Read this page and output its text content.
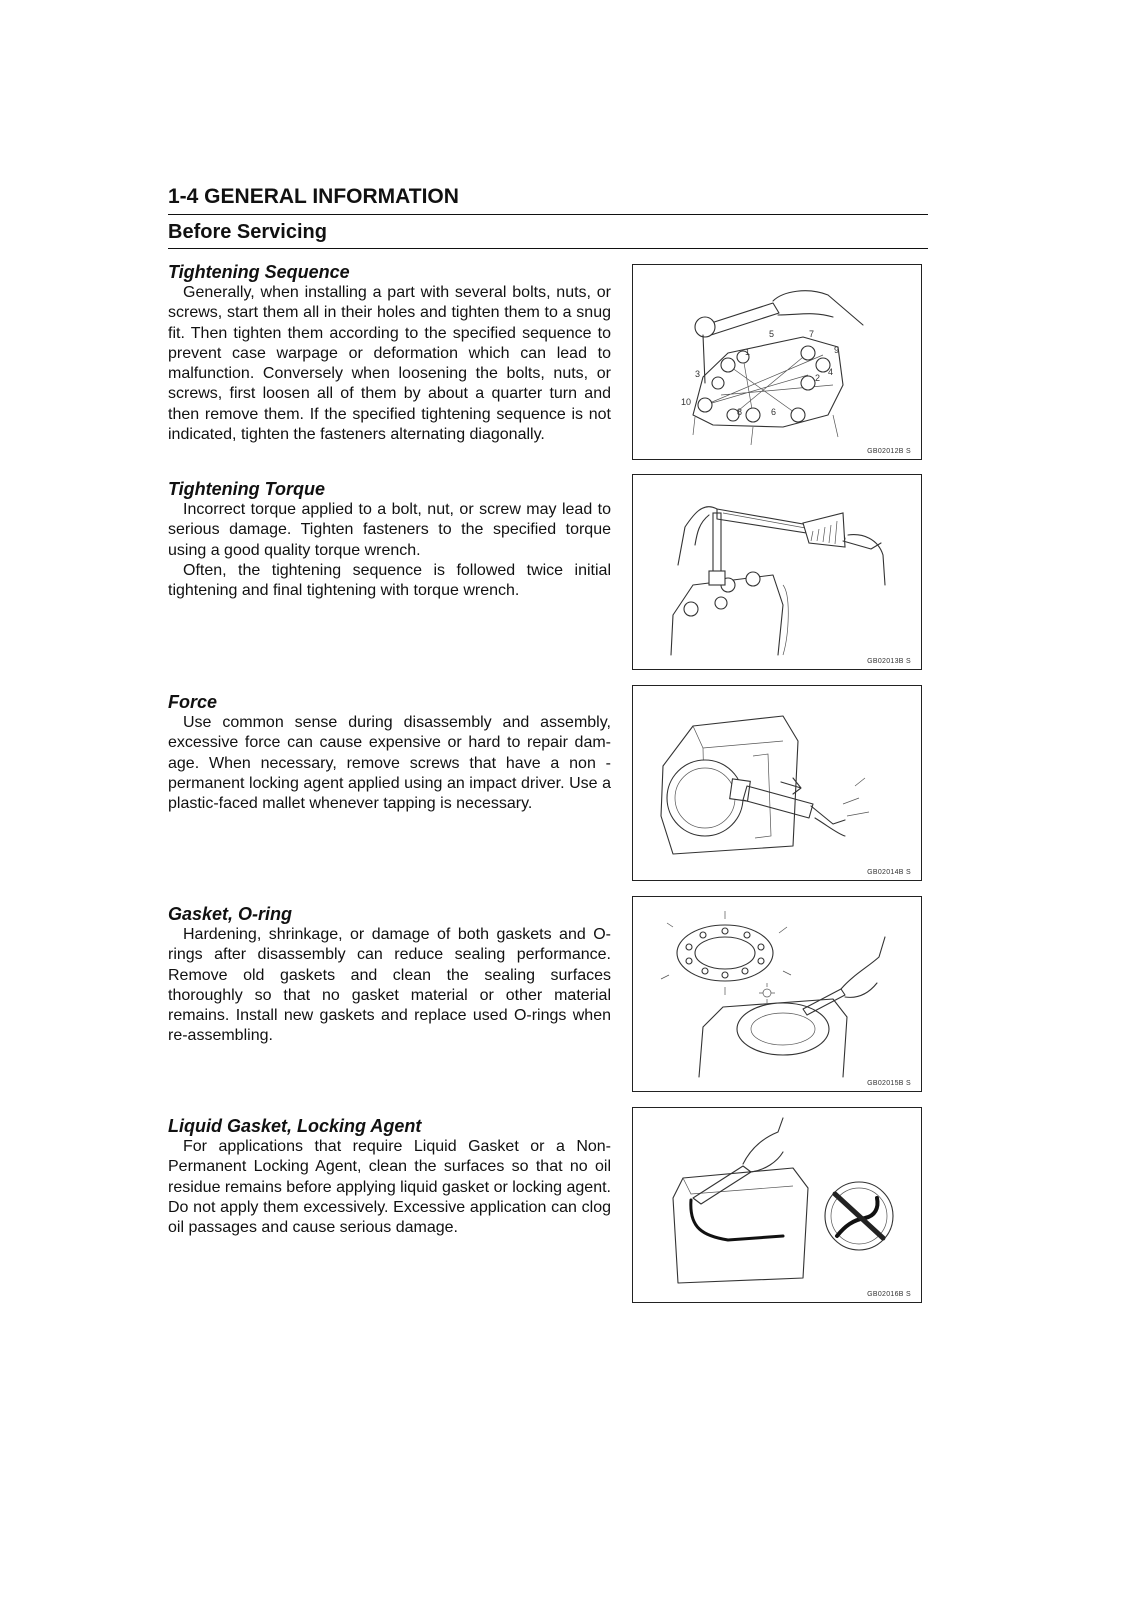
1-4 GENERAL INFORMATION
Before Servicing
Tightening Sequence

Generally, when installing a part with several bolts, nuts, or screws, start them all in their holes and tighten them to a snug fit. Then tighten them according to the specified sequence to prevent case warpage or deformation which can lead to malfunction. Conversely when loosening the bolts, nuts, or screws, first loosen all of them by about a quarter turn and then remove them. If the specified tightening sequence is not indicated, tighten the fasteners alternating diagonally.

Tightening Torque

Incorrect torque applied to a bolt, nut, or screw may lead to serious damage. Tighten fasteners to the specified torque using a good quality torque wrench.

Often, the tightening sequence is followed twice initial tightening and final tightening with torque wrench.

Force

Use common sense during disassembly and assembly, excessive force can cause expensive or hard to repair damage. When necessary, remove screws that have a non -permanent locking agent applied using an impact driver. Use a plastic-faced mallet whenever tapping is necessary.

Gasket, O-ring

Hardening, shrinkage, or damage of both gaskets and O-rings after disassembly can reduce sealing performance. Remove old gaskets and clean the sealing surfaces thoroughly so that no gasket material or other material remains. Install new gaskets and replace used O-rings when re-assembling.

Liquid Gasket, Locking Agent

For applications that require Liquid Gasket or a Non-Permanent Locking Agent, clean the surfaces so that no oil residue remains before applying liquid gasket or locking agent. Do not apply them excessively. Excessive application can clog oil passages and cause serious damage.

1
2
3	4
5
6
7
8
9
10
GB02012B S
GB02013B S
GB02014B S
GB02015B S
GB02016B S
